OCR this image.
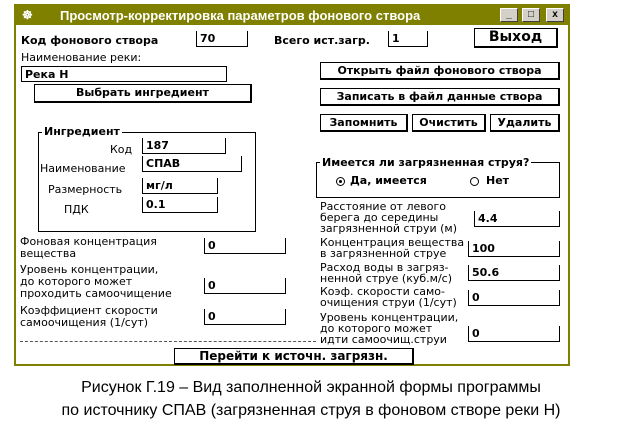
☸	Просмотр-корректировка параметров фонового створа	_	□	x
Код фонового створа	70	Всего ист.загр.	1	Выход
Наименование реки:
Река Н
Выбрать ингредиент
Ингредиент
Код	187
Наименование	СПАВ
Размерность	мг/л
ПДК	0.1
Фоновая концентрация
вещества
0
Уровень концентрации,
до которого может
проходить самоочищение
0
Коэффициент скорости
самоочищения (1/сут)	0
Открыть файл фонового створа
Записать в файл данные створа
Запомнить	Очистить	Удалить
Имеется ли загрязненная струя?
Да, имеется	Нет
Расстояние от левого
берега до середины
загрязненной струи (м)
4.4
Концентрация вещества
в загрязненной струе	100
Расход воды в загряз-
ненной струе (куб.м/с)	50.6
Коэф. скорости само-
очищения струи (1/сут)	0
Уровень концентрации,
до которого может
идти самоочищ.струи	0
Перейти к источн. загрязн.
Рисунок Г.19 – Вид заполненной экранной формы программы
по источнику СПАВ (загрязненная струя в фоновом створе реки Н)
